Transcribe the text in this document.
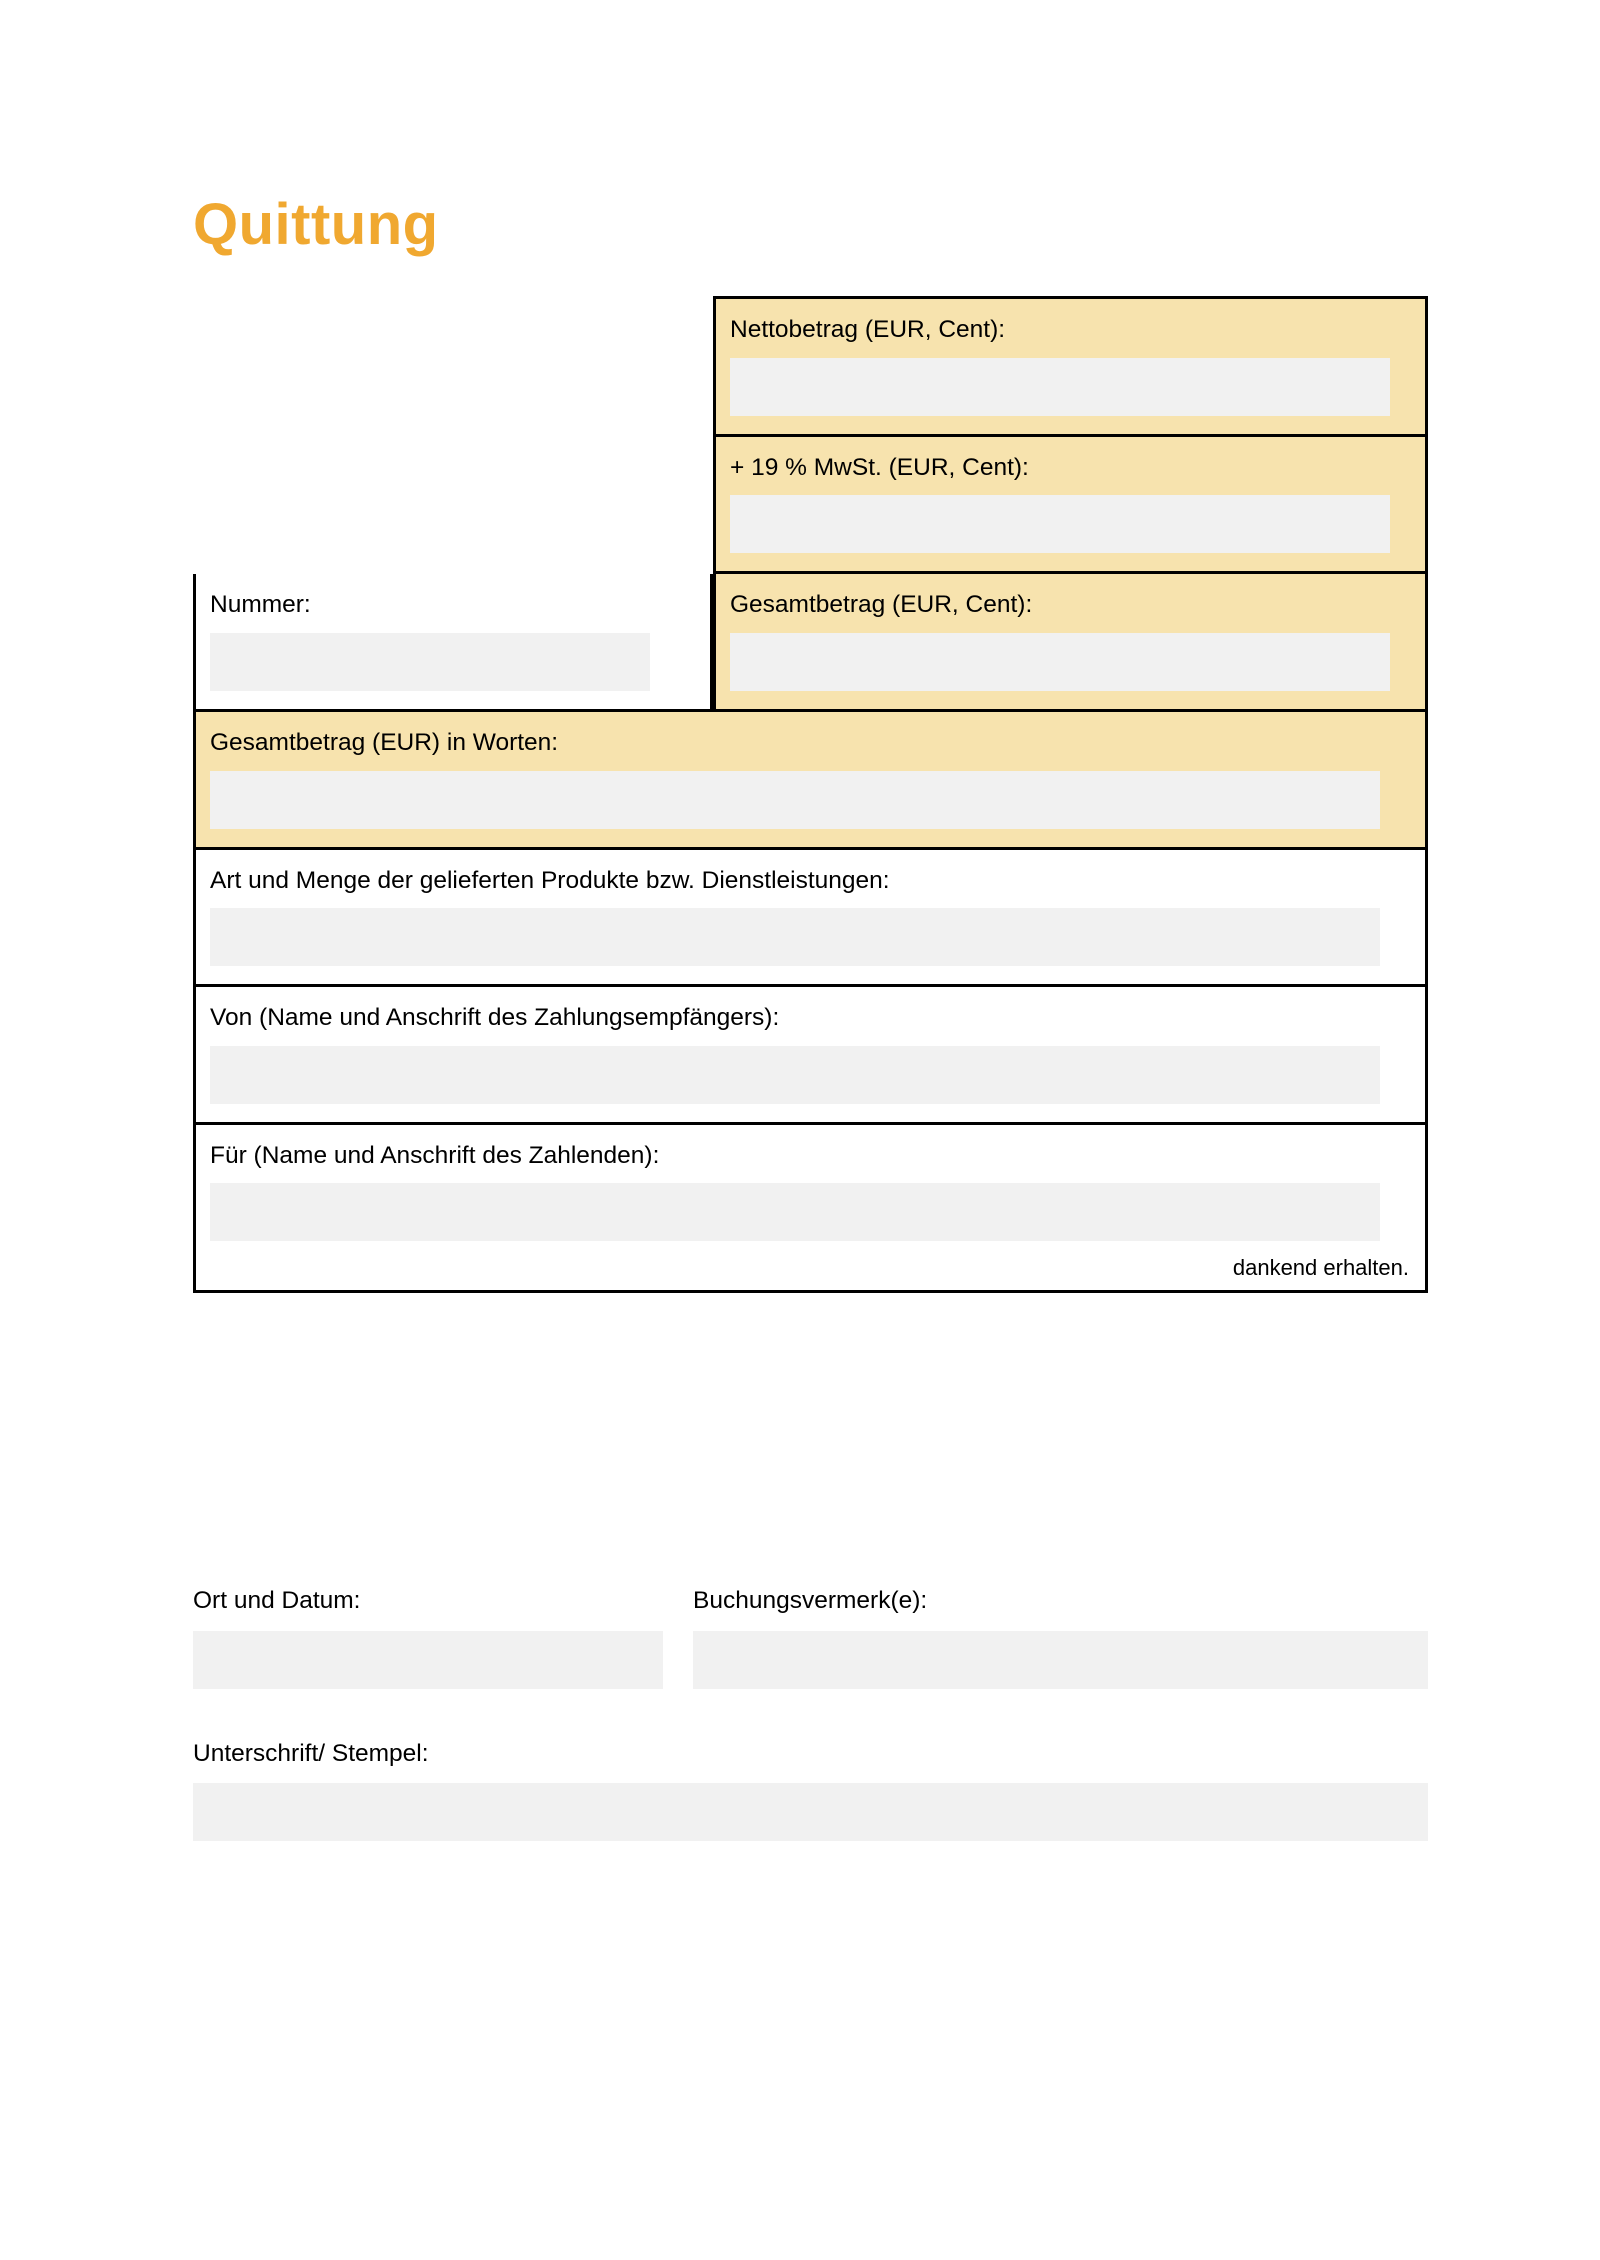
Quittung
Nettobetrag (EUR, Cent):
+ 19 % MwSt. (EUR, Cent):
Nummer:	Gesamtbetrag (EUR, Cent):
Gesamtbetrag (EUR) in Worten:
Art und Menge der gelieferten Produkte bzw. Dienstleistungen:
Von (Name und Anschrift des Zahlungsempfängers):
Für (Name und Anschrift des Zahlenden):
dankend erhalten.
Ort und Datum:	Buchungsvermerk(e):
Unterschrift/ Stempel:
